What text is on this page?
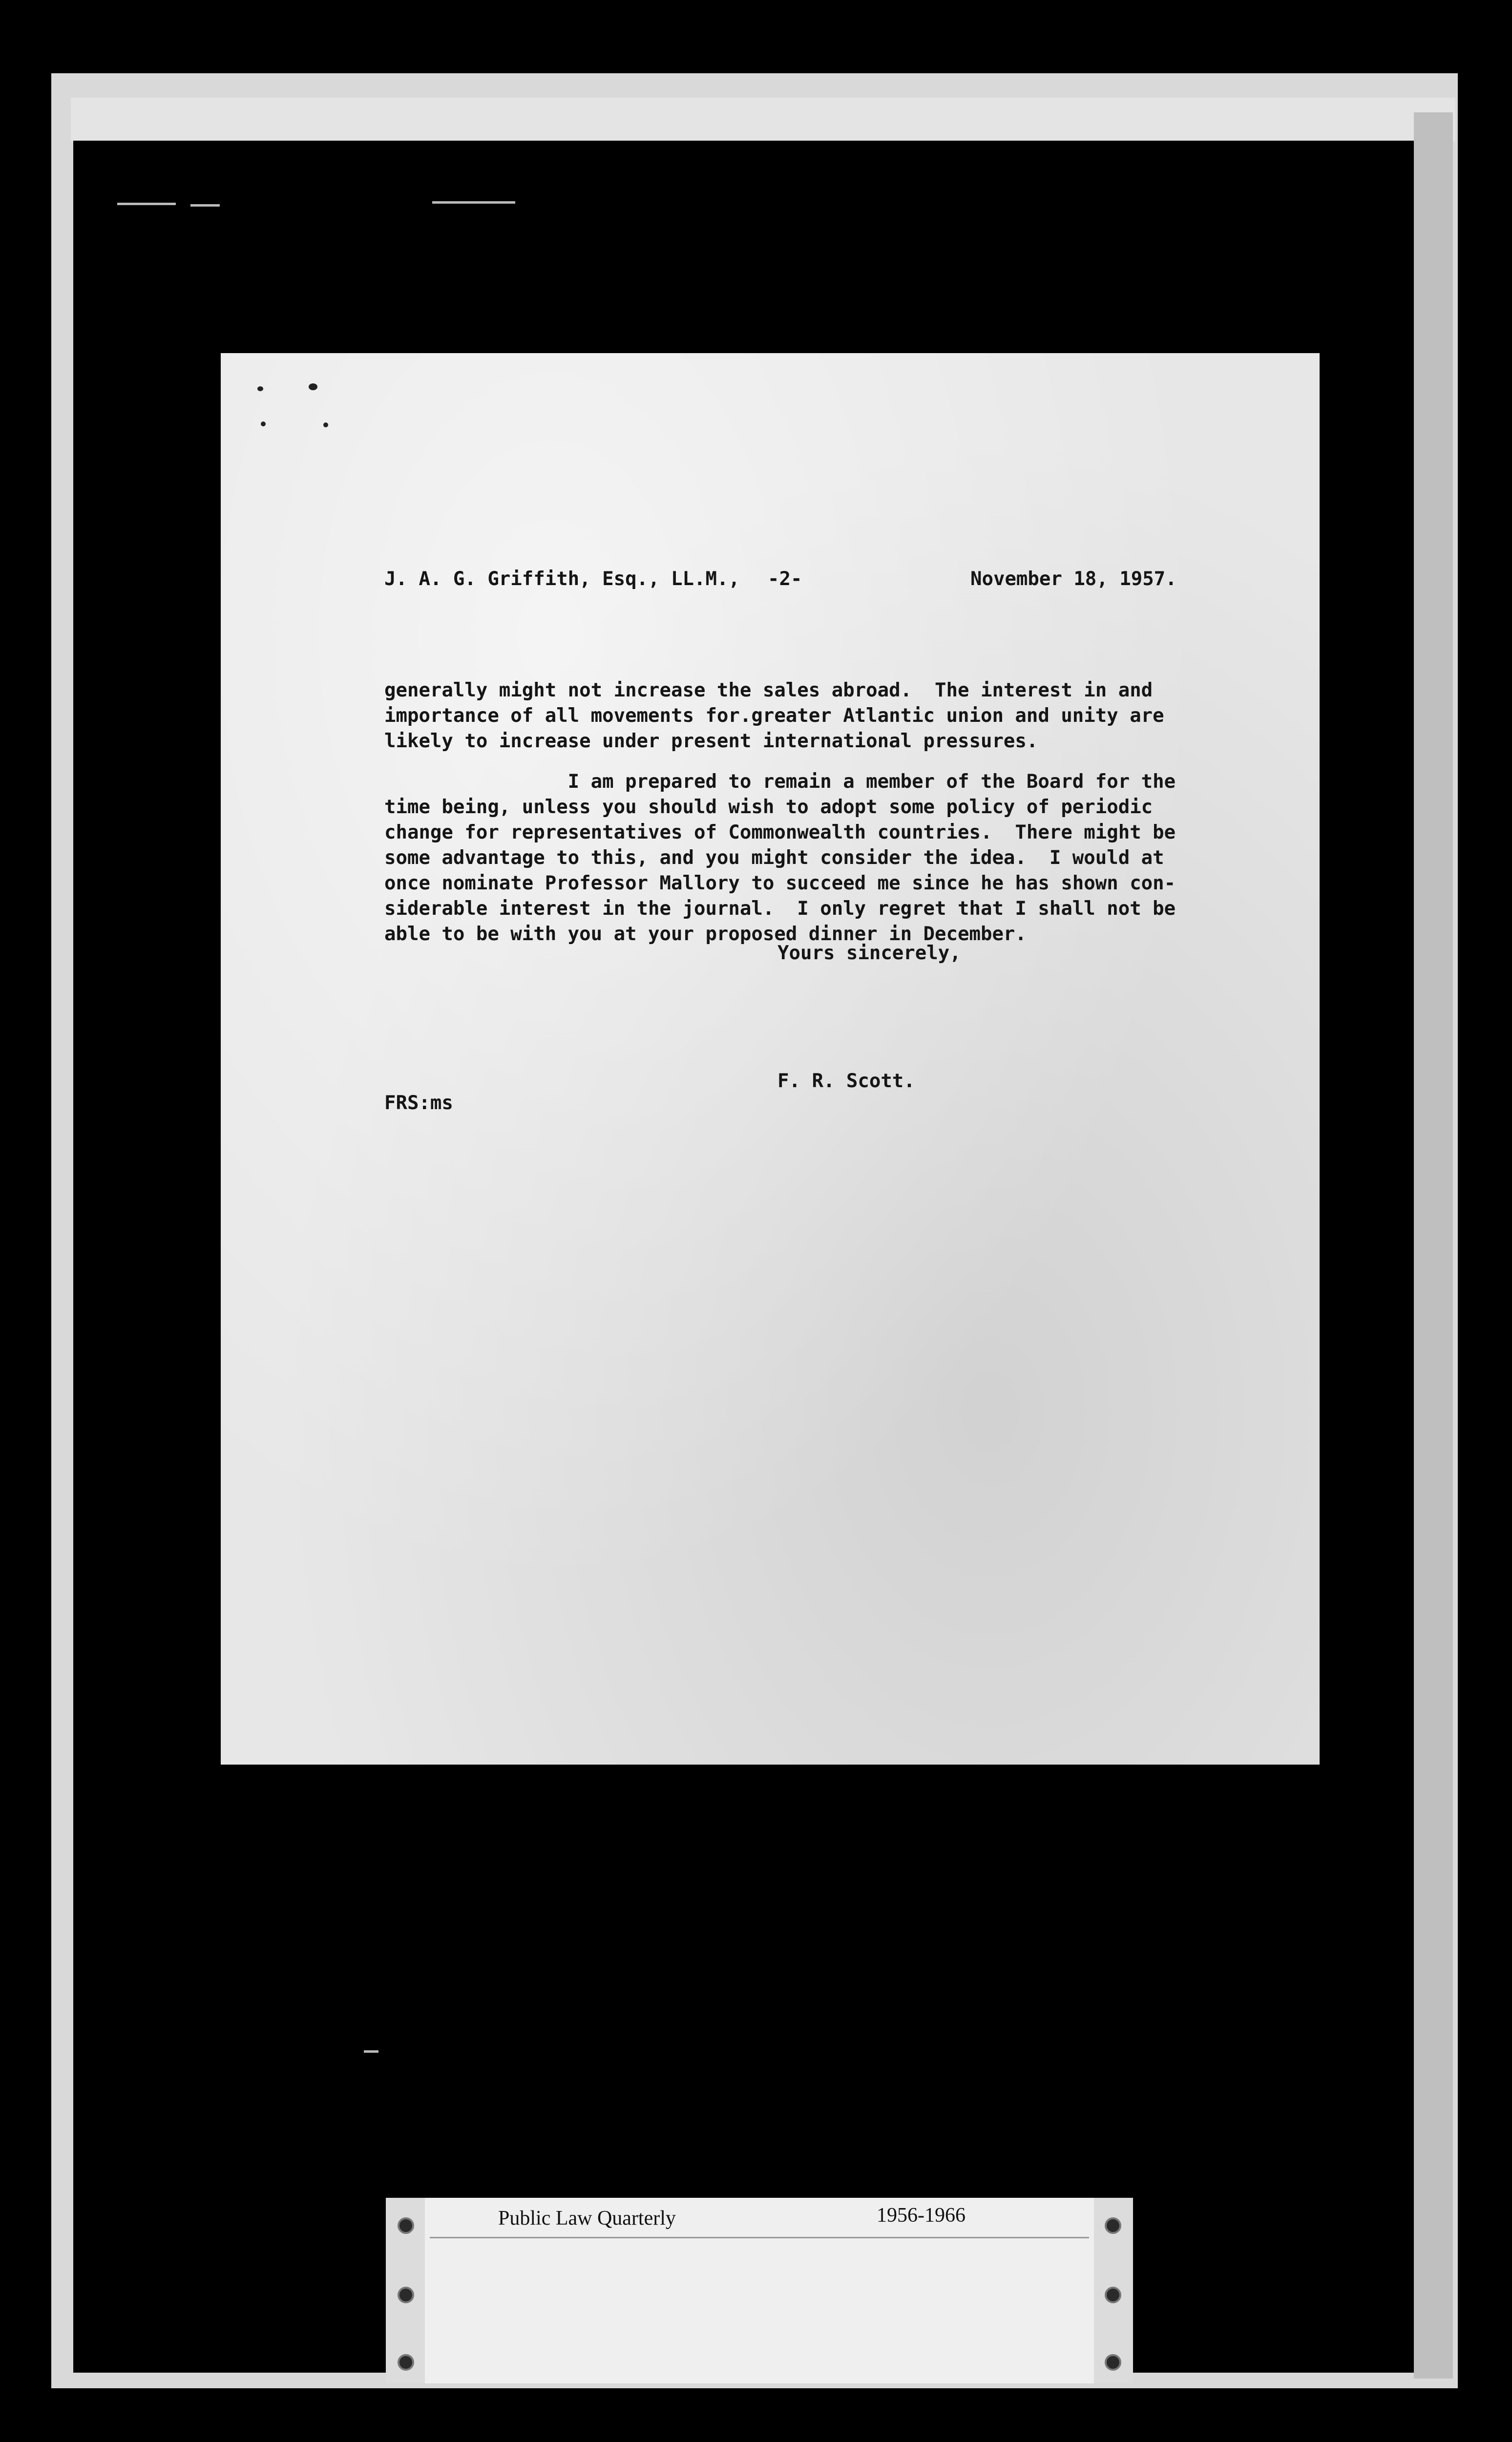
J. A. G. Griffith, Esq., LL.M., -2-	November 18, 1957.
generally might not increase the sales abroad.  The interest in and
importance of all movements for.greater Atlantic union and unity are
likely to increase under present international pressures.
I am prepared to remain a member of the Board for the
time being, unless you should wish to adopt some policy of periodic
change for representatives of Commonwealth countries.  There might be
some advantage to this, and you might consider the idea.  I would at
once nominate Professor Mallory to succeed me since he has shown con-
siderable interest in the journal.  I only regret that I shall not be
able to be with you at your proposed dinner in December.
Yours sincerely,
F. R. Scott.
FRS:ms
Public Law Quarterly	1956-1966
